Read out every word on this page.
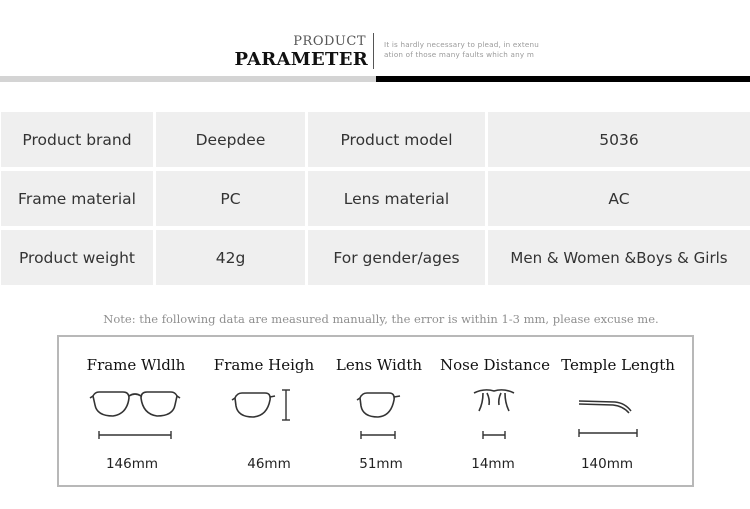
PRODUCT
PARAMETER
It is hardly necessary to plead, in extenu
ation of those many faults which any m
Product brand	Deepdee	Product model	5036
Frame material	PC	Lens material	AC
Product weight	42g	For gender/ages	Men & Women &Boys & Girls
Note: the following data are measured manually, the error is within 1-3 mm, please excuse me.
Frame Wldlh
146mm
Frame Heigh
46mm
Lens Width
51mm
Nose Distance
14mm
Temple Length
140mm
